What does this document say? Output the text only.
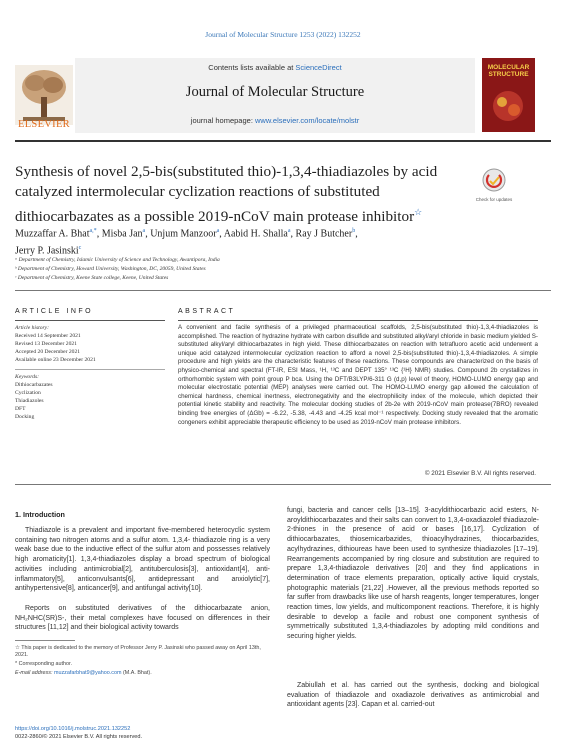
Journal of Molecular Structure 1253 (2022) 132252
Contents lists available at ScienceDirect
Journal of Molecular Structure
journal homepage: www.elsevier.com/locate/molstr
ELSEVIER
MOLECULAR STRUCTURE
Synthesis of novel 2,5-bis(substituted thio)-1,3,4-thiadiazoles by acid
catalyzed intermolecular cyclization reactions of substituted
dithiocarbazates as a possible 2019-nCoV main protease inhibitor☆
Check for updates
Muzzaffar A. Bhat$^{a,*}$, Misba Jan$^a$, Unjum Manzoor$^a$, Aabid H. Shalla$^a$, Ray J Butcher$^b$,
Jerry P. Jasinski$^c$
ᵃ Department of Chemistry, Islamic University of Science and Technology, Awantipora, India
ᵇ Department of Chemistry, Howard University, Washington, DC, 20059, United States
ᶜ Department of Chemistry, Keene State college, Keene, United States
ARTICLE INFO
Article history:
Received 14 September 2021
Revised 13 December 2021
Accepted 20 December 2021
Available online 23 December 2021
Keywords:
Dithiocarbazates
Cyclization
Thiadiazoles
DFT
Docking
ABSTRACT
A convenient and facile synthesis of a privileged pharmaceutical scaffolds, 2,5-bis(substituted thio)-1,3,4-thiadiazoles is accomplished. The reaction of hydrazine hydrate with carbon disulfide and substituted alkyl/aryl chloride in basic medium yielded S-substituted alkyl/aryl dithiocarbazates in high yield. These dithiocarbazates on reaction with tetrafluoro acetic acid underwent a unique acid catalyzed intermolecular cyclization reaction to afford a novel 2,5-bis(substituted thio)-1,3,4-thiadiazoles. A simple procedure and high yields are the characteristic features of these reactions. These compounds are characterized on the basis of physico-chemical and spectral (FT-IR, ESI Mass, ¹H, ¹³C and DEPT 135° ¹³C {¹H} NMR) studies. Compound 2b crystallizes in orthorhombic system with point group P bca. Using the DFT/B3LYP/6-311 G (d,p) level of theory, HOMO-LUMO energy gap and molecular electrostatic potential (MEP) analyses were carried out. The HOMO-LUMO energy gap allowed the calculation of chemical hardness, chemical inertness, electronegativity and the electrophilicity index of the molecule, which depicted their potential kinetic stability and reactivity. The molecular docking studies of 2b-2e with 2019-nCoV main protease(7BRO) revealed binding free energies of (ΔGb) = -6.22, -5.38, -4.43 and -4.25 kcal mol⁻¹ respectively. Docking study revealed that the aromatic congeners exhibit appreciable therapeutic efficiency to be used as 2019-nCoV main protease inhibitors.
© 2021 Elsevier B.V. All rights reserved.
1. Introduction
Thiadiazole is a prevalent and important five-membered heterocyclic system containing two nitrogen atoms and a sulfur atom. 1,3,4- thiadiazole ring is a very weak base due to the inductive effect of the sulfur atom and possesses relatively high aromaticity[1]. 1,3,4-thiadiazoles display a broad spectrum of biological activities including antimicrobial[2], antituberculosis[3], antioxidant[4], anti-inflammatory[5], anticonvulsants[6], antidepressant and anxiolytic[7], antihypertensive[8], anticancer[9], and antifungal activity[10].
Reports on substituted derivatives of the dithiocarbazate anion, NH₂NHC(SR)S-, their metal complexes have focused on differences in their structures [11,12] and their biological activity towards
fungi, bacteria and cancer cells [13–15]. 3-acyldithiocarbazic acid esters, N-aroyldithiocarbazates and their salts can convert to 1,3,4-oxadiazolef thiadiazole-2-thiones in the presence of acid or bases [16,17]. Cyclization of dithiocarbazates, thiosemicarbazides, thioacylhydrazines, thiocarbazides, acylhydrazines, dithioureas have been used to synthesize thiadiazoles [17–19]. Rearrangements accompanied by ring closure and substitution are required to prepare 1,3,4-thiadiazole derivatives [20] and they find applications in determination of trace elements preparation, optically active liquid crystals, photographic materials [21,22] .However, all the previous methods reported so far suffer from drawbacks like use of harsh reagents, longer temperatures, longer reaction times, low yields, and multicomponent reactions. Therefore, it is highly desirable to develop a facile and robust one component synthesis of symmetrically substituted 1,3,4-thiadiazoles by adopting mild conditions and securing higher yields.
Zabiullah et al. has carried out the synthesis, docking and biological evaluation of thiadiazole and oxadiazole derivatives as antimicrobial and antioxidant agents [23]. Capan et al. carried-out
☆ This paper is dedicated to the memory of Professor Jerry P. Jasinski who passed away on April 13th, 2021.
* Corresponding author.
E-mail address: muzzafarbhat9@yahoo.com (M.A. Bhat).
https://doi.org/10.1016/j.molstruc.2021.132252
0022-2860/© 2021 Elsevier B.V. All rights reserved.
